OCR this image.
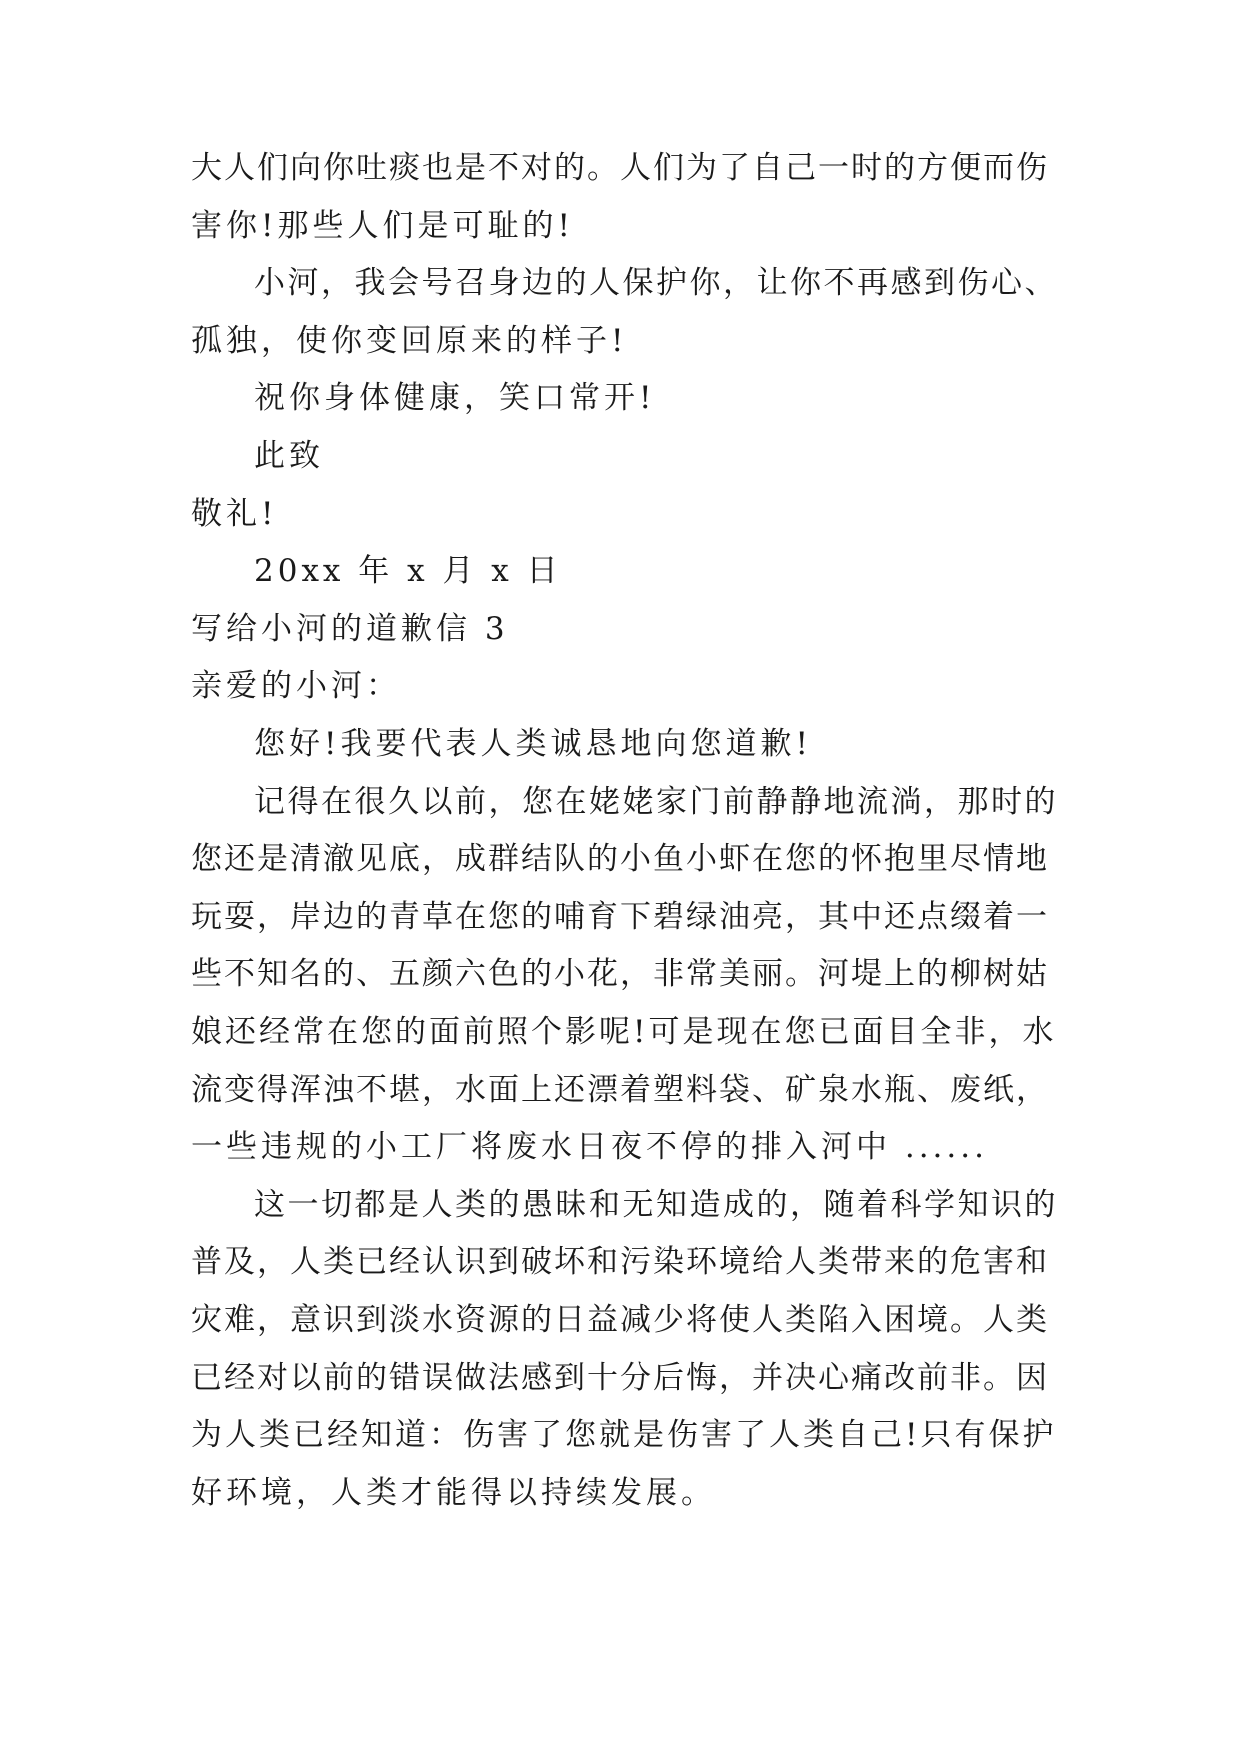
大人们向你吐痰也是不对的。人们为了自己一时的方便而伤
害你!那些人们是可耻的!
小河，我会号召身边的人保护你，让你不再感到伤心、
孤独，使你变回原来的样子!
祝你身体健康，笑口常开!
此致
敬礼!
20xx 年 x 月 x 日
写给小河的道歉信 3
亲爱的小河：
您好!我要代表人类诚恳地向您道歉!
记得在很久以前，您在姥姥家门前静静地流淌，那时的
您还是清澈见底，成群结队的小鱼小虾在您的怀抱里尽情地
玩耍，岸边的青草在您的哺育下碧绿油亮，其中还点缀着一
些不知名的、五颜六色的小花，非常美丽。河堤上的柳树姑
娘还经常在您的面前照个影呢!可是现在您已面目全非，水
流变得浑浊不堪，水面上还漂着塑料袋、矿泉水瓶、废纸，
一些违规的小工厂将废水日夜不停的排入河中 ......
这一切都是人类的愚昧和无知造成的，随着科学知识的
普及，人类已经认识到破坏和污染环境给人类带来的危害和
灾难，意识到淡水资源的日益减少将使人类陷入困境。人类
已经对以前的错误做法感到十分后悔，并决心痛改前非。因
为人类已经知道：伤害了您就是伤害了人类自己!只有保护
好环境，人类才能得以持续发展。
